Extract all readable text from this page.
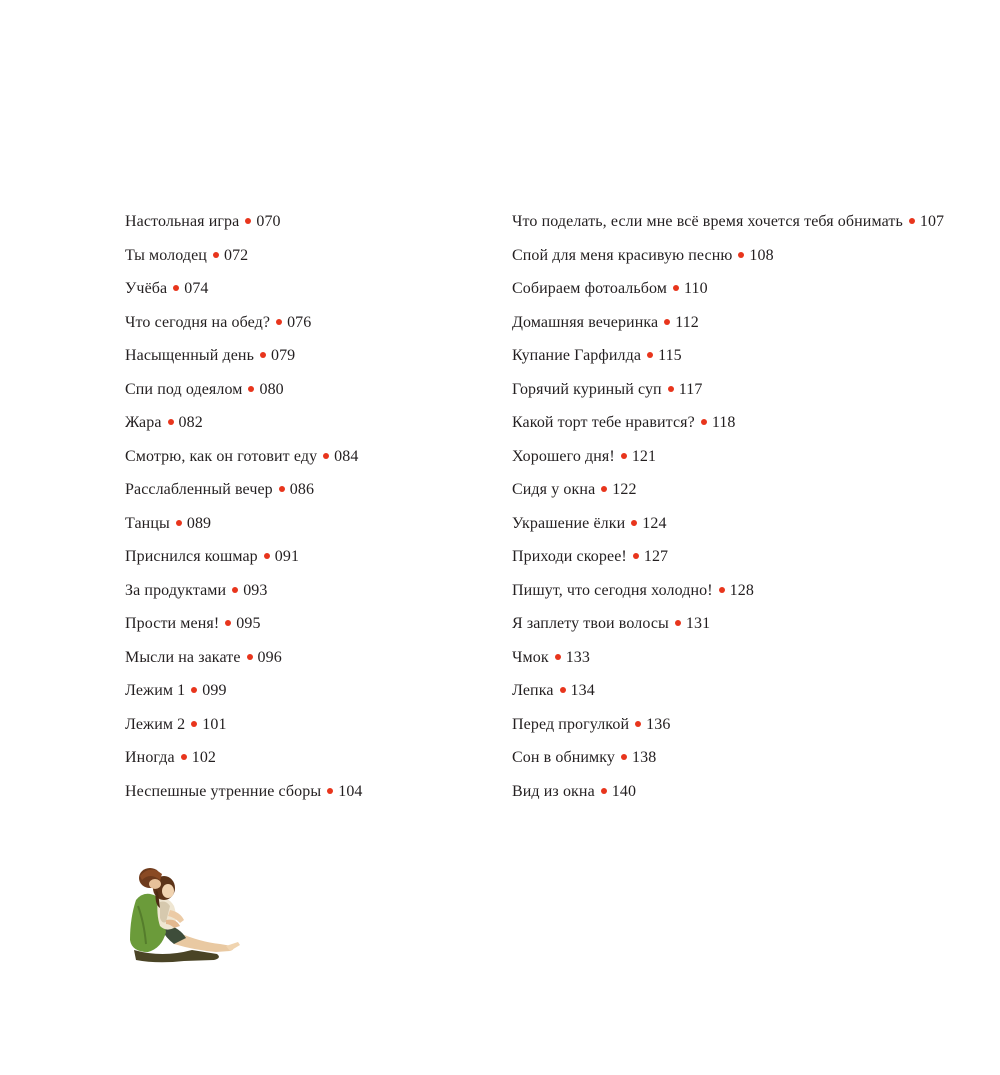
Настольная игра 070
Ты молодец 072
Учёба 074
Что сегодня на обед? 076
Насыщенный день 079
Спи под одеялом 080
Жара 082
Смотрю, как он готовит еду 084
Расслабленный вечер 086
Танцы 089
Приснился кошмар 091
За продуктами 093
Прости меня! 095
Мысли на закате 096
Лежим 1 099
Лежим 2 101
Иногда 102
Неспешные утренние сборы 104
Что поделать, если мне всё время хочется тебя обнимать 107
Спой для меня красивую песню 108
Собираем фотоальбом 110
Домашняя вечеринка 112
Купание Гарфилда 115
Горячий куриный суп 117
Какой торт тебе нравится? 118
Хорошего дня! 121
Сидя у окна 122
Украшение ёлки 124
Приходи скорее! 127
Пишут, что сегодня холодно! 128
Я заплету твои волосы 131
Чмок 133
Лепка 134
Перед прогулкой 136
Сон в обнимку 138
Вид из окна 140
